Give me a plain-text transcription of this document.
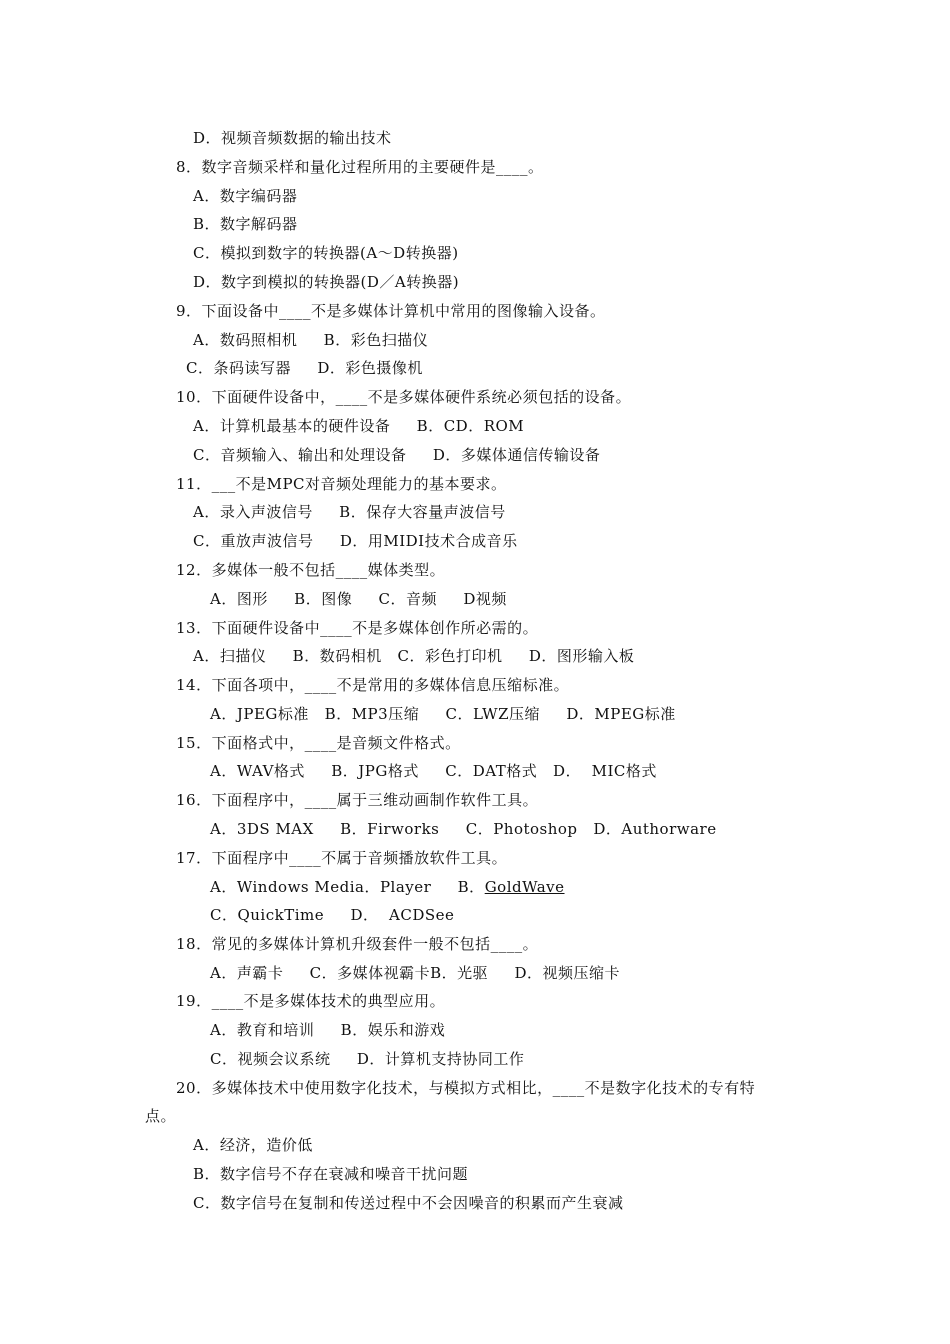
D．视频音频数据的输出技术
8．数字音频采样和量化过程所用的主要硬件是____。
A．数字编码器
B．数字解码器
C．模拟到数字的转换器(A～D转换器)
D．数字到模拟的转换器(D／A转换器)
9．下面设备中____不是多媒体计算机中常用的图像输入设备。
A．数码照相机     B．彩色扫描仪
C．条码读写器     D．彩色摄像机
10．下面硬件设备中，____不是多媒体硬件系统必须包括的设备。
A．计算机最基本的硬件设备     B．CD．ROM
C．音频输入、输出和处理设备     D．多媒体通信传输设备
11．___不是MPC对音频处理能力的基本要求。
A．录入声波信号     B．保存大容量声波信号
C．重放声波信号     D．用MIDI技术合成音乐
12．多媒体一般不包括____媒体类型。
A．图形     B．图像     C．音频     D视频
13．下面硬件设备中____不是多媒体创作所必需的。
A．扫描仪     B．数码相机   C．彩色打印机     D．图形输入板
14．下面各项中，____不是常用的多媒体信息压缩标准。
A．JPEG标准   B．MP3压缩     C．LWZ压缩     D．MPEG标准
15．下面格式中，____是音频文件格式。
A．WAV格式     B．JPG格式     C．DAT格式   D．  MIC格式
16．下面程序中，____属于三维动画制作软件工具。
A．3DS MAX     B．Firworks     C．Photoshop   D．Authorware
17．下面程序中____不属于音频播放软件工具。
A．Windows Media．Player     B．GoldWave
C．QuickTime     D．  ACDSee
18．常见的多媒体计算机升级套件一般不包括____。
A．声霸卡     C．多媒体视霸卡B．光驱     D．视频压缩卡
19．____不是多媒体技术的典型应用。
A．教育和培训     B．娱乐和游戏
C．视频会议系统     D．计算机支持协同工作
20．多媒体技术中使用数字化技术，与模拟方式相比，____不是数字化技术的专有特
点。
A．经济，造价低
B．数字信号不存在衰减和噪音干扰问题
C．数字信号在复制和传送过程中不会因噪音的积累而产生衰减
